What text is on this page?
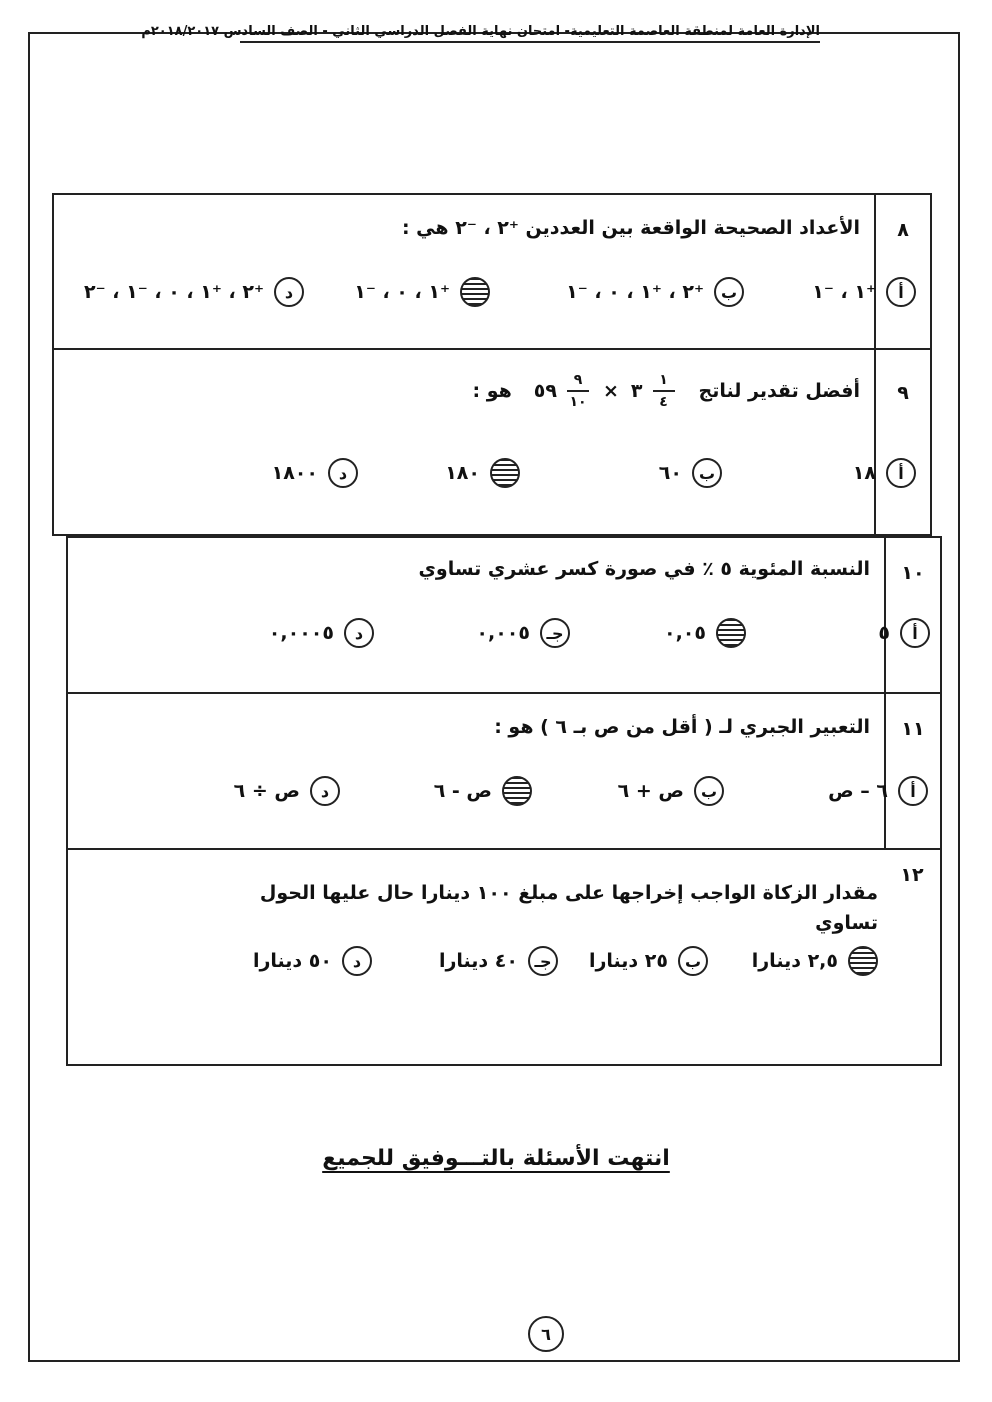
الإدارة العامة لمنطقة العاصمة التعليمية- امتحان نهاية الفصل الدراسي الثاني - الصف السادس ٢٠١٨/٢٠١٧م
٨
الأعداد الصحيحة الواقعة بين العددين ⁺٢ ، ⁻٢ هي :
أ
⁺١ ، ⁻١
ب
⁺٢ ، ⁺١ ، ٠ ، ⁻١
⁺١ ، ٠ ، ⁻١
د
⁺٢ ، ⁺١ ، ٠ ، ⁻١ ، ⁻٢
٩
أفضل تقدير لناتج
$\frac{١}{٤}$
٣
×
$\frac{٩}{١٠}$
٥٩
هو :
أ
١٨
ب
٦٠
١٨٠
د
١٨٠٠
١٠
النسبة المئوية ٥ ٪ في صورة كسر عشري تساوي
أ
٥
٠,٠٥
جـ
٠,٠٠٥
د
٠,٠٠٠٥
١١
التعبير الجبري لـ ( أقل من ص بـ ٦ ) هو :
أ
٦ – ص
ب
ص + ٦
ص - ٦
د
ص ÷ ٦
١٢
مقدار الزكاة الواجب إخراجها على مبلغ ١٠٠ دينارا حال عليها الحول تساوي
٢,٥ دينارا
ب
٢٥ دينارا
جـ
٤٠ دينارا
د
٥٠ دينارا
انتهت الأسئلة بالتـــوفيق للجميع
٦
